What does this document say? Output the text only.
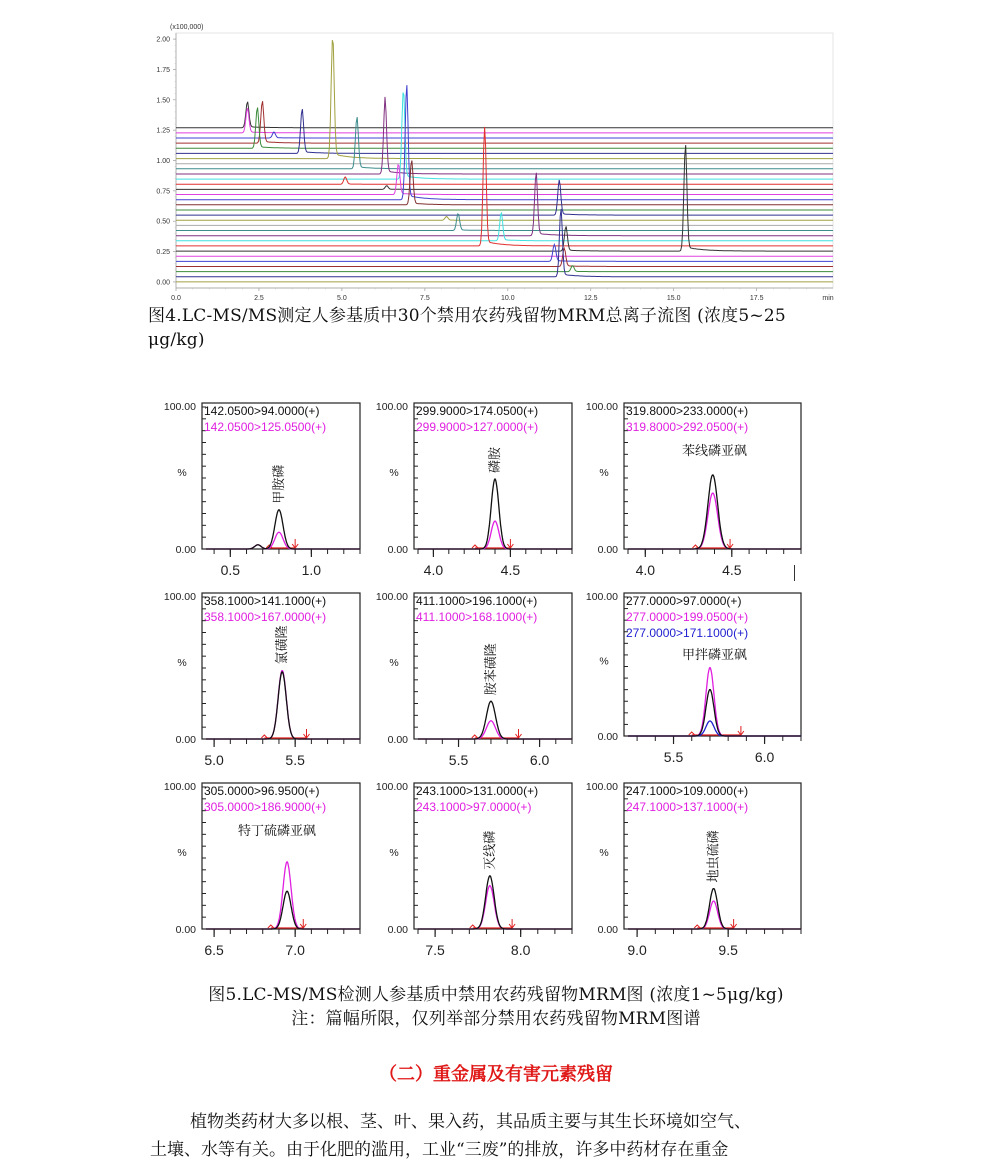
(x100,000)
0.00
0.25
0.50
0.75
1.00
1.25
1.50
1.75
2.00
0.0	2.5	5.0	7.5	10.0	12.5	15.0	17.5	min
图4.LC-MS/MS测定人参基质中30个禁用农药残留物MRM总离子流图 (浓度5~25
μg/kg)
100.00
0.00
%
0.5	1.0
142.0500>94.0000(+)
142.0500>125.0500(+)
甲胺磷
100.00
0.00
%
4.0	4.5
299.9000>174.0500(+)
299.9000>127.0000(+)
磷胺
100.00
0.00
%
4.0	4.5
319.8000>233.0000(+)
319.8000>292.0500(+)
苯线磷亚砜
100.00
0.00
%
5.0	5.5
358.1000>141.1000(+)
358.1000>167.0000(+)
氯磺隆
100.00
0.00
%
5.5	6.0
411.1000>196.1000(+)
411.1000>168.1000(+)
胺苯磺隆
100.00
0.00
%
5.5	6.0
277.0000>97.0000(+)
277.0000>199.0500(+)
277.0000>171.1000(+)
甲拌磷亚砜
100.00
0.00
%
6.5	7.0
305.0000>96.9500(+)
305.0000>186.9000(+)
特丁硫磷亚砜
100.00
0.00
%
7.5	8.0
243.1000>131.0000(+)
243.1000>97.0000(+)
灭线磷
100.00
0.00
%
9.0	9.5
247.1000>109.0000(+)
247.1000>137.1000(+)
地虫硫磷
图5.LC-MS/MS检测人参基质中禁用农药残留物MRM图 (浓度1~5μg/kg)
注：篇幅所限，仅列举部分禁用农药残留物MRM图谱
（二）重金属及有害元素残留
植物类药材大多以根、茎、叶、果入药，其品质主要与其生长环境如空气、
土壤、水等有关。由于化肥的滥用，工业“三废”的排放，许多中药材存在重金
